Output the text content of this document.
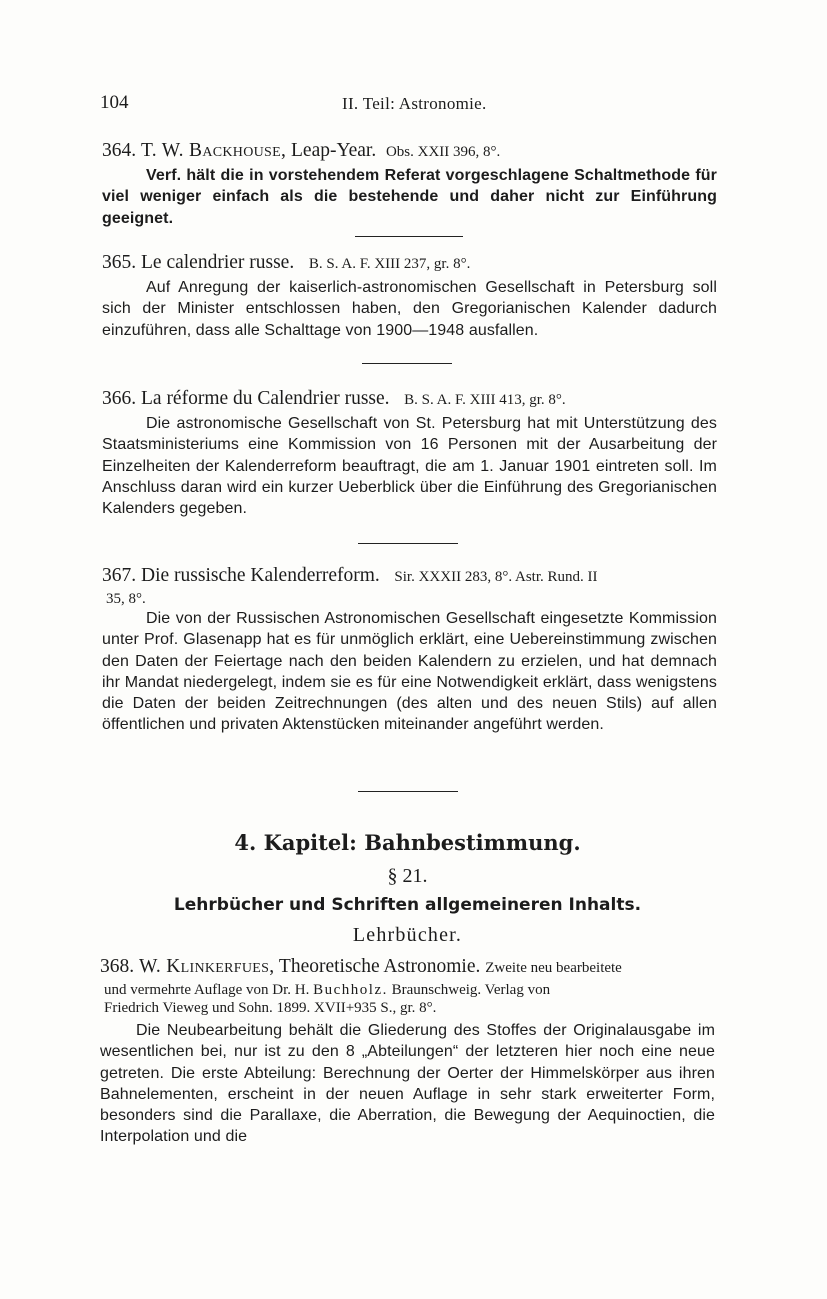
104	II. Teil: Astronomie.

364. T. W. Backhouse, Leap-Year. Obs. XXII 396, 8°.

Verf. hält die in vorstehendem Referat vorgeschlagene Schaltmethode für viel weniger einfach als die bestehende und daher nicht zur Einführung geeignet.

365. Le calendrier russe. B. S. A. F. XIII 237, gr. 8°.

Auf Anregung der kaiserlich-astronomischen Gesellschaft in Petersburg soll sich der Minister entschlossen haben, den Gregorianischen Kalender dadurch einzuführen, dass alle Schalttage von 1900—1948 ausfallen.

366. La réforme du Calendrier russe. B. S. A. F. XIII 413, gr. 8°.

Die astronomische Gesellschaft von St. Petersburg hat mit Unterstützung des Staatsministeriums eine Kommission von 16 Personen mit der Ausarbeitung der Einzelheiten der Kalenderreform beauftragt, die am 1. Januar 1901 eintreten soll. Im Anschluss daran wird ein kurzer Ueberblick über die Einführung des Gregorianischen Kalenders gegeben.

367. Die russische Kalenderreform. Sir. XXXII 283, 8°. Astr. Rund. II
35, 8°.

Die von der Russischen Astronomischen Gesellschaft eingesetzte Kommission unter Prof. Glasenapp hat es für unmöglich erklärt, eine Uebereinstimmung zwischen den Daten der Feiertage nach den beiden Kalendern zu erzielen, und hat demnach ihr Mandat niedergelegt, indem sie es für eine Notwendigkeit erklärt, dass wenigstens die Daten der beiden Zeitrechnungen (des alten und des neuen Stils) auf allen öffentlichen und privaten Aktenstücken miteinander angeführt werden.

4. Kapitel: Bahnbestimmung.
§ 21.
Lehrbücher und Schriften allgemeineren Inhalts.
Lehrbücher.

368. W. Klinkerfues, Theoretische Astronomie. Zweite neu bearbeitete
und vermehrte Auflage von Dr. H. Buchholz. Braunschweig. Verlag von
Friedrich Vieweg und Sohn. 1899. XVII+935 S., gr. 8°.

Die Neubearbeitung behält die Gliederung des Stoffes der Originalausgabe im wesentlichen bei, nur ist zu den 8 „Abteilungen“ der letzteren hier noch eine neue getreten. Die erste Abteilung: Berechnung der Oerter der Himmelskörper aus ihren Bahnelementen, erscheint in der neuen Auflage in sehr stark erweiterter Form, besonders sind die Parallaxe, die Aberration, die Bewegung der Aequinoctien, die Interpolation und die
